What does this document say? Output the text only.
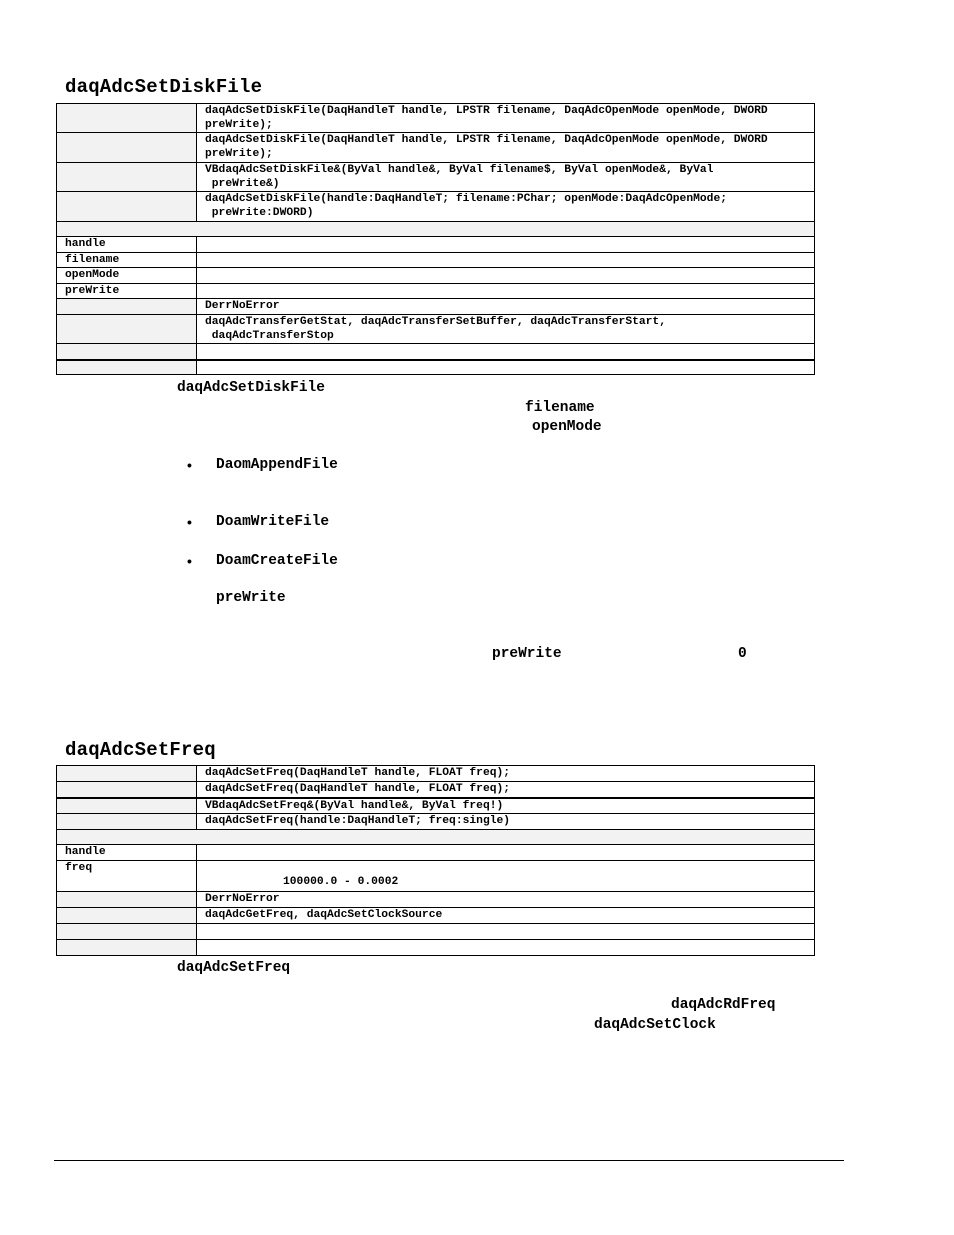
daqAdcSetDiskFile
	daqAdcSetDiskFile(DaqHandleT handle, LPSTR filename, DaqAdcOpenMode openMode, DWORD preWrite);
	daqAdcSetDiskFile(DaqHandleT handle, LPSTR filename, DaqAdcOpenMode openMode, DWORD preWrite);
	VBdaqAdcSetDiskFile&(ByVal handle&, ByVal filename$, ByVal openMode&, ByVal
preWrite&)
	daqAdcSetDiskFile(handle:DaqHandleT; filename:PChar; openMode:DaqAdcOpenMode;
preWrite:DWORD)

handle	
filename	
openMode	
preWrite	
	DerrNoError
	daqAdcTransferGetStat, daqAdcTransferSetBuffer, daqAdcTransferStart,
daqAdcTransferStop

daqAdcSetDiskFile
filename
openMode
• DaomAppendFile
• DoamWriteFile
• DoamCreateFile
preWrite
preWrite	0
daqAdcSetFreq
	daqAdcSetFreq(DaqHandleT handle, FLOAT freq);
	daqAdcSetFreq(DaqHandleT handle, FLOAT freq);
	VBdaqAdcSetFreq&(ByVal handle&, ByVal freq!)
	daqAdcSetFreq(handle:DaqHandleT; freq:single)

handle	
freq	100000.0 - 0.0002
	DerrNoError
	daqAdcGetFreq, daqAdcSetClockSource

daqAdcSetFreq
daqAdcRdFreq
daqAdcSetClock
